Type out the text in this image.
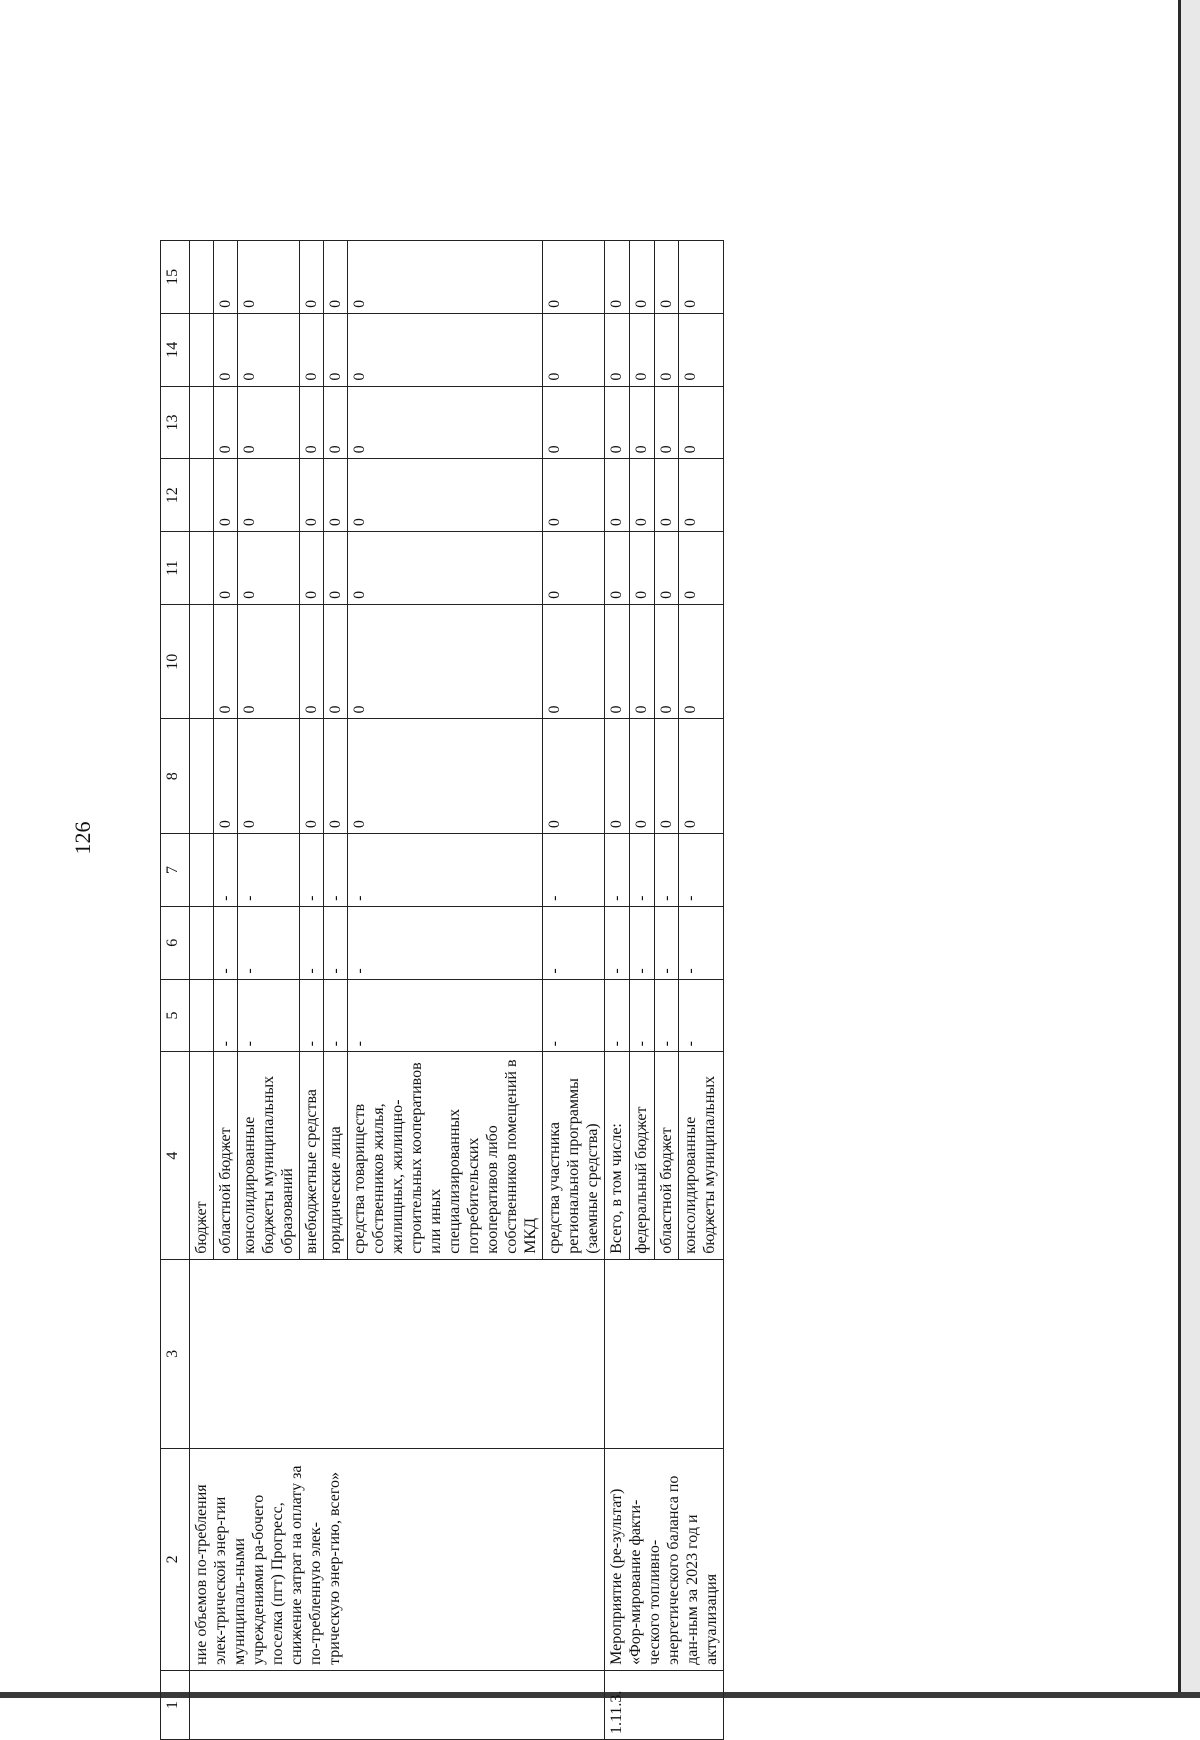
126
1	2	3	4	5	6	7	8	10	11	12	13	14	15
	ние объемов по-требления элек-трической энер-гии муниципаль-ными учреждениями ра-бочего поселка (пгт) Прогресс, снижение затрат на оплату за по-требленную элек-трическую энер-гию, всего»		бюджет										
			областной бюджет	-	-	-	0	0	0	0	0	0	0
			консолидированные бюджеты муниципальных образований	-	-	-	0	0	0	0	0	0	0
			внебюджетные средства	-	-	-	0	0	0	0	0	0	0
			юридические лица	-	-	-	0	0	0	0	0	0	0
			средства товариществ собственников жилья, жилищных, жилищно-строительных кооперативов или иных специализированных потребительских кооперативов либо собственников помещений в МКД	-	-	-	0	0	0	0	0	0	0
			средства участника региональной программы (заемные средства)	-	-	-	0	0	0	0	0	0	0
1.11.3.	Мероприятие (ре-зультат) «Фор-мирование факти-ческого топливно-энергетического баланса по дан-ным за 2023 год и актуализация		Всего, в том числе:	-	-	-	0	0	0	0	0	0	0
			федеральный бюджет	-	-	-	0	0	0	0	0	0	0
			областной бюджет	-	-	-	0	0	0	0	0	0	0
			консолидированные бюджеты муниципальных	-	-	-	0	0	0	0	0	0	0
